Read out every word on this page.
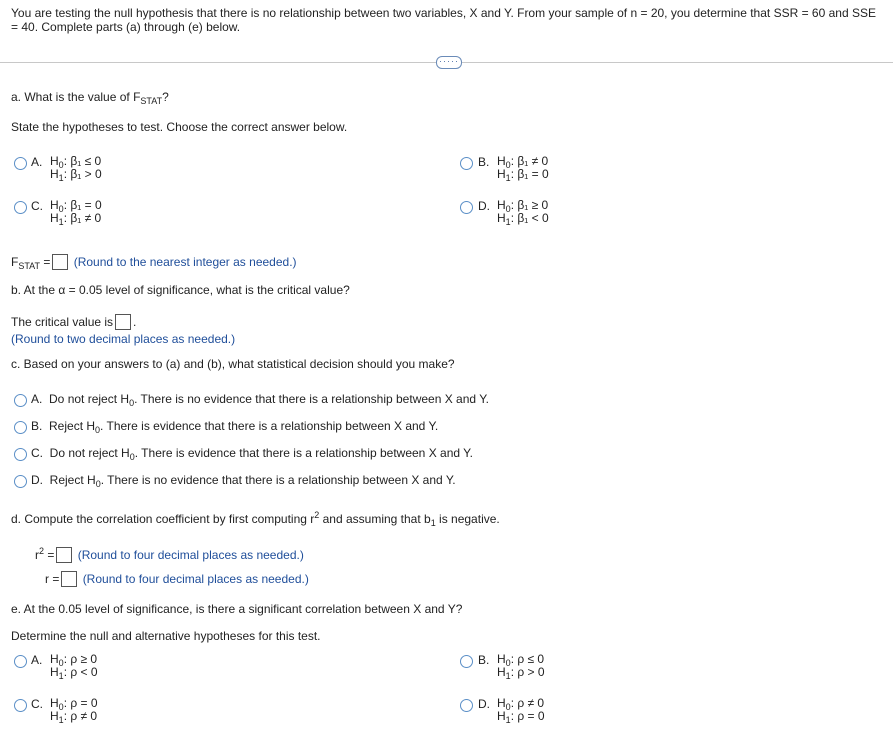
You are testing the null hypothesis that there is no relationship between two variables, X and Y. From your sample of n = 20, you determine that SSR = 60 and SSE = 40. Complete parts (a) through (e) below.
·····
a. What is the value of $F_{STAT}$?
State the hypotheses to test. Choose the correct answer below.
A. $H_0$: β₁ ≤ 0
$H_1$: β₁ > 0
B. $H_0$: β₁ ≠ 0
$H_1$: β₁ = 0
C. $H_0$: β₁ = 0
$H_1$: β₁ ≠ 0
D. $H_0$: β₁ ≥ 0
$H_1$: β₁ < 0
$F_{STAT}$ = (Round to the nearest integer as needed.)
b. At the α = 0.05 level of significance, what is the critical value?
The critical value is .
(Round to two decimal places as needed.)
c. Based on your answers to (a) and (b), what statistical decision should you make?
A. Do not reject $H_0$. There is no evidence that there is a relationship between X and Y.
B. Reject $H_0$. There is evidence that there is a relationship between X and Y.
C. Do not reject $H_0$. There is evidence that there is a relationship between X and Y.
D. Reject $H_0$. There is no evidence that there is a relationship between X and Y.
d. Compute the correlation coefficient by first computing $r^2$ and assuming that $b_1$ is negative.
$r^2$ = (Round to four decimal places as needed.)
r = (Round to four decimal places as needed.)
e. At the 0.05 level of significance, is there a significant correlation between X and Y?
Determine the null and alternative hypotheses for this test.
A. $H_0$: ρ ≥ 0
$H_1$: ρ < 0
B. $H_0$: ρ ≤ 0
$H_1$: ρ > 0
C. $H_0$: ρ = 0
$H_1$: ρ ≠ 0
D. $H_0$: ρ ≠ 0
$H_1$: ρ = 0
